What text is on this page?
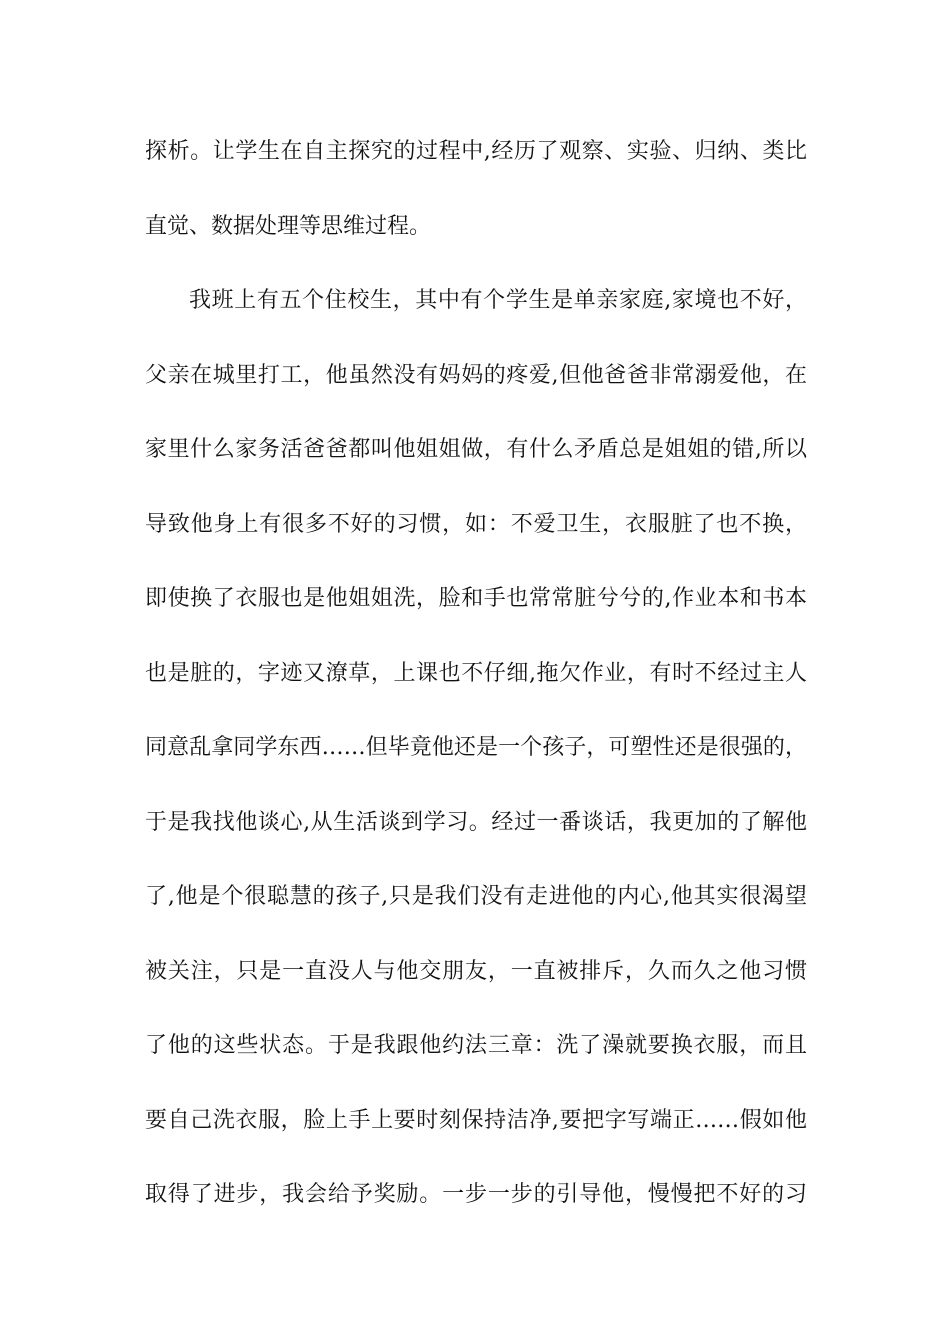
探析。让学生在自主探究的过程中,经历了观察、实验、归纳、类比
直觉、数据处理等思维过程。
我班上有五个住校生，其中有个学生是单亲家庭,家境也不好，
父亲在城里打工，他虽然没有妈妈的疼爱,但他爸爸非常溺爱他，在
家里什么家务活爸爸都叫他姐姐做，有什么矛盾总是姐姐的错,所以
导致他身上有很多不好的习惯，如：不爱卫生，衣服脏了也不换，
即使换了衣服也是他姐姐洗，脸和手也常常脏兮兮的,作业本和书本
也是脏的，字迹又潦草，上课也不仔细,拖欠作业，有时不经过主人
同意乱拿同学东西……但毕竟他还是一个孩子，可塑性还是很强的，
于是我找他谈心,从生活谈到学习。经过一番谈话，我更加的了解他
了,他是个很聪慧的孩子,只是我们没有走进他的内心,他其实很渴望
被关注，只是一直没人与他交朋友，一直被排斥，久而久之他习惯
了他的这些状态。于是我跟他约法三章：洗了澡就要换衣服，而且
要自己洗衣服，脸上手上要时刻保持洁净,要把字写端正……假如他
取得了进步，我会给予奖励。一步一步的引导他，慢慢把不好的习
